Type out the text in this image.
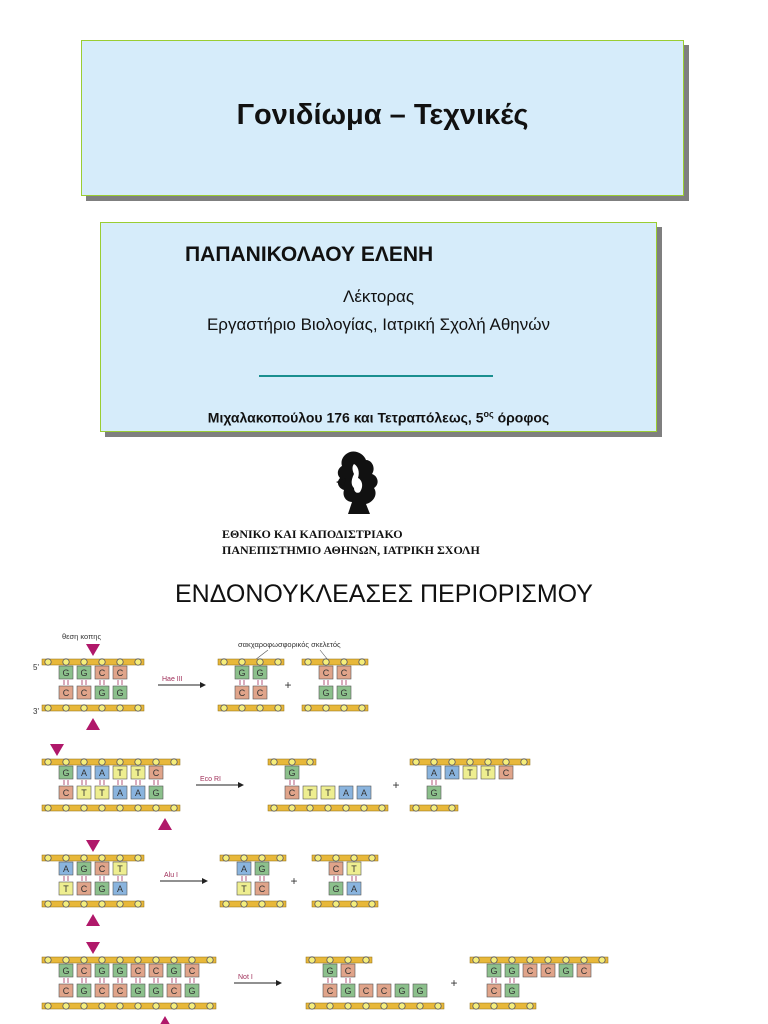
Γονιδίωμα – Τεχνικές
ΠΑΠΑΝΙΚΟΛΑΟΥ ΕΛΕΝΗ
Λέκτορας
Εργαστήριο Βιολογίας, Ιατρική Σχολή Αθηνών
Μιχαλακοπούλου 176 και Τετραπόλεως, $5^{o\varsigma}$ όροφος
ΕΘΝΙΚΟ ΚΑΙ ΚΑΠΟΔΙΣΤΡΙΑΚΟ
ΠΑΝΕΠΙΣΤΗΜΙΟ ΑΘΗΝΩΝ, ΙΑΤΡΙΚΗ ΣΧΟΛΗ
ΕΝΔΟΝΟΥΚΛΕΑΣΕΣ ΠΕΡΙΟΡΙΣΜΟΥ
θεση κοπης
σακχαροφωσφορικός σκελετός
5'
3'
G
C
G
C
C
G
C
G
Hae III
G
C
G
C
+
C
G
C
G
G
C
A
T
A
T
T
A
T
A
C
G
Eco RI
G
C T T A A
+
A
G
A T T C
A
T
G
C
C
G
T
A
Alu I
A
T
G
C
+
C
G
T
A
G
C
C
G
G
C
G
C
C
G
C
G
G
C
C
G
Not I
G
C
C
G C C G G
+
G
C
G
G
C C G C
